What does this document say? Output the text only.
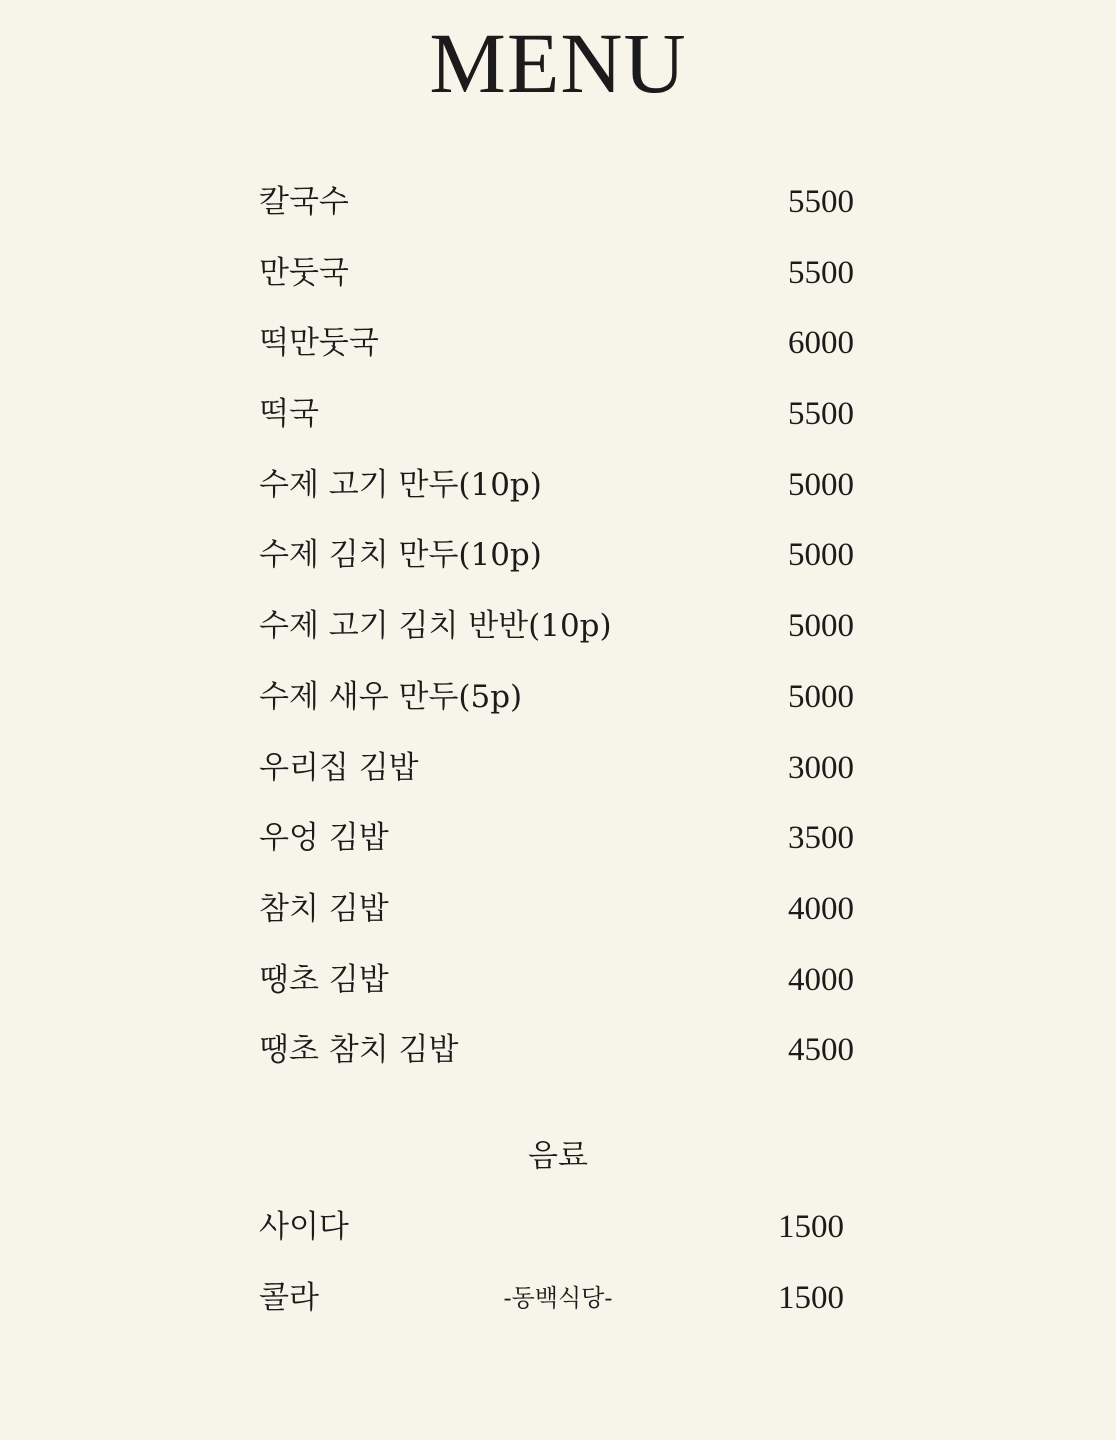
MENU
칼국수	5500
만둣국	5500
떡만둣국	6000
떡국	5500
수제 고기 만두(10p)	5000
수제 김치 만두(10p)	5000
수제 고기 김치 반반(10p)	5000
수제 새우 만두(5p)	5000
우리집 김밥	3000
우엉 김밥	3500
참치 김밥	4000
땡초 김밥	4000
땡초 참치 김밥	4500
음료
사이다	1500
콜라	1500
-동백식당-
